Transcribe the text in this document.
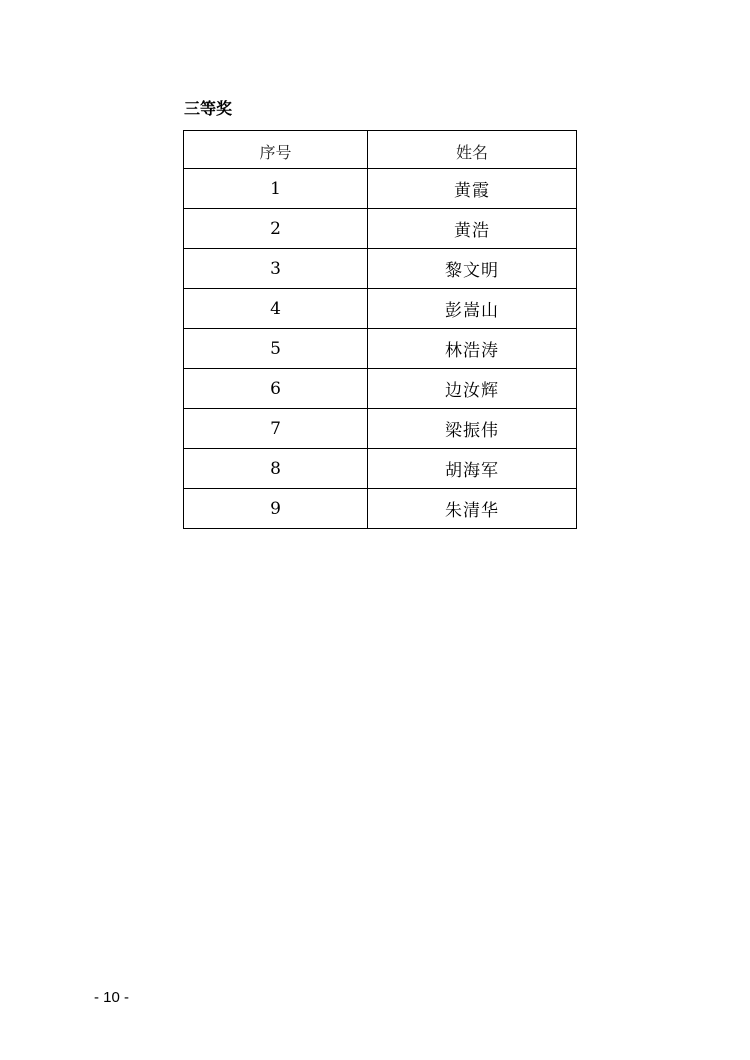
三等奖
序号	姓名
1	黄霞
2	黄浩
3	黎文明
4	彭嵩山
5	林浩涛
6	边汝辉
7	梁振伟
8	胡海军
9	朱清华
- 10 -
